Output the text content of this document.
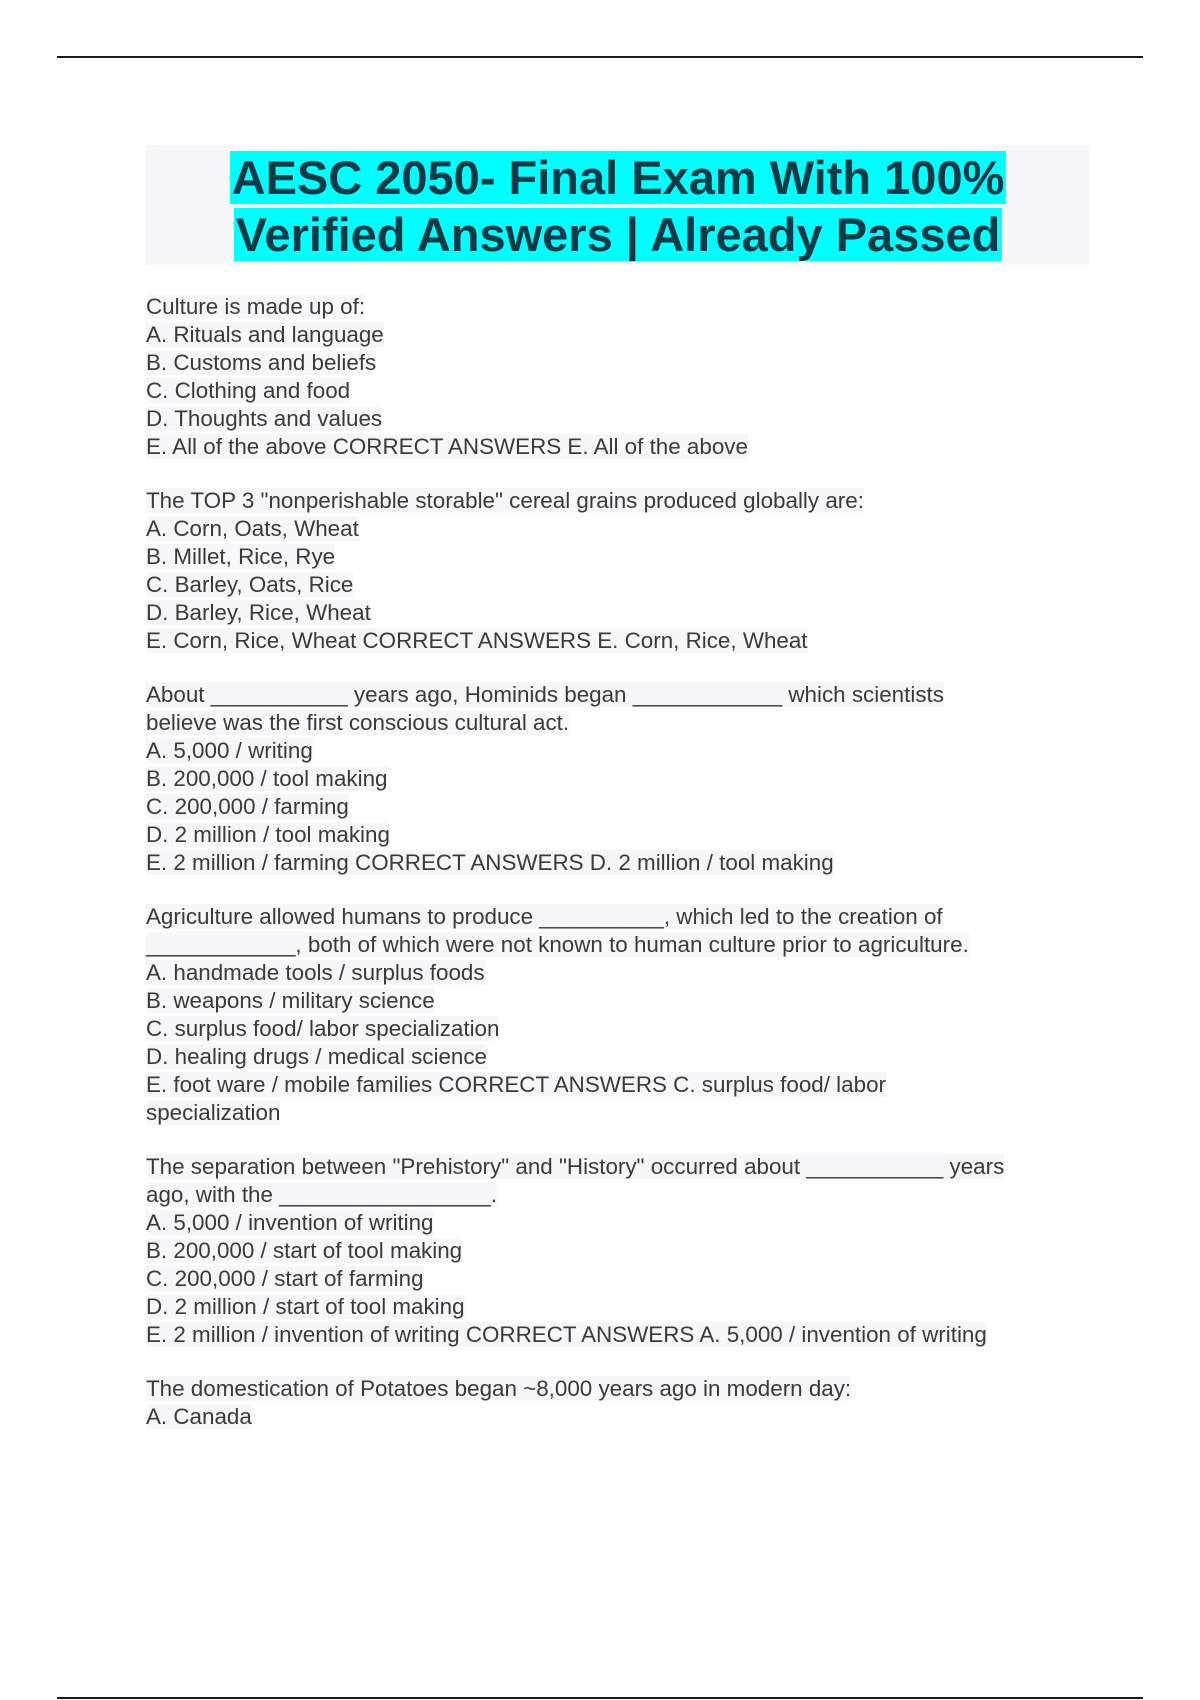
AESC 2050- Final Exam With 100%
Verified Answers | Already Passed
Culture is made up of:
A. Rituals and language
B. Customs and beliefs
C. Clothing and food
D. Thoughts and values
E. All of the above CORRECT ANSWERS E. All of the above
The TOP 3 "nonperishable storable" cereal grains produced globally are:
A. Corn, Oats, Wheat
B. Millet, Rice, Rye
C. Barley, Oats, Rice
D. Barley, Rice, Wheat
E. Corn, Rice, Wheat CORRECT ANSWERS E. Corn, Rice, Wheat
About ___________ years ago, Hominids began ____________ which scientists
believe was the first conscious cultural act.
A. 5,000 / writing
B. 200,000 / tool making
C. 200,000 / farming
D. 2 million / tool making
E. 2 million / farming CORRECT ANSWERS D. 2 million / tool making
Agriculture allowed humans to produce __________, which led to the creation of
____________, both of which were not known to human culture prior to agriculture.
A. handmade tools / surplus foods
B. weapons / military science
C. surplus food/ labor specialization
D. healing drugs / medical science
E. foot ware / mobile families CORRECT ANSWERS C. surplus food/ labor
specialization
The separation between "Prehistory" and "History" occurred about ___________ years
ago, with the _________________.
A. 5,000 / invention of writing
B. 200,000 / start of tool making
C. 200,000 / start of farming
D. 2 million / start of tool making
E. 2 million / invention of writing CORRECT ANSWERS A. 5,000 / invention of writing
The domestication of Potatoes began ~8,000 years ago in modern day:
A. Canada
